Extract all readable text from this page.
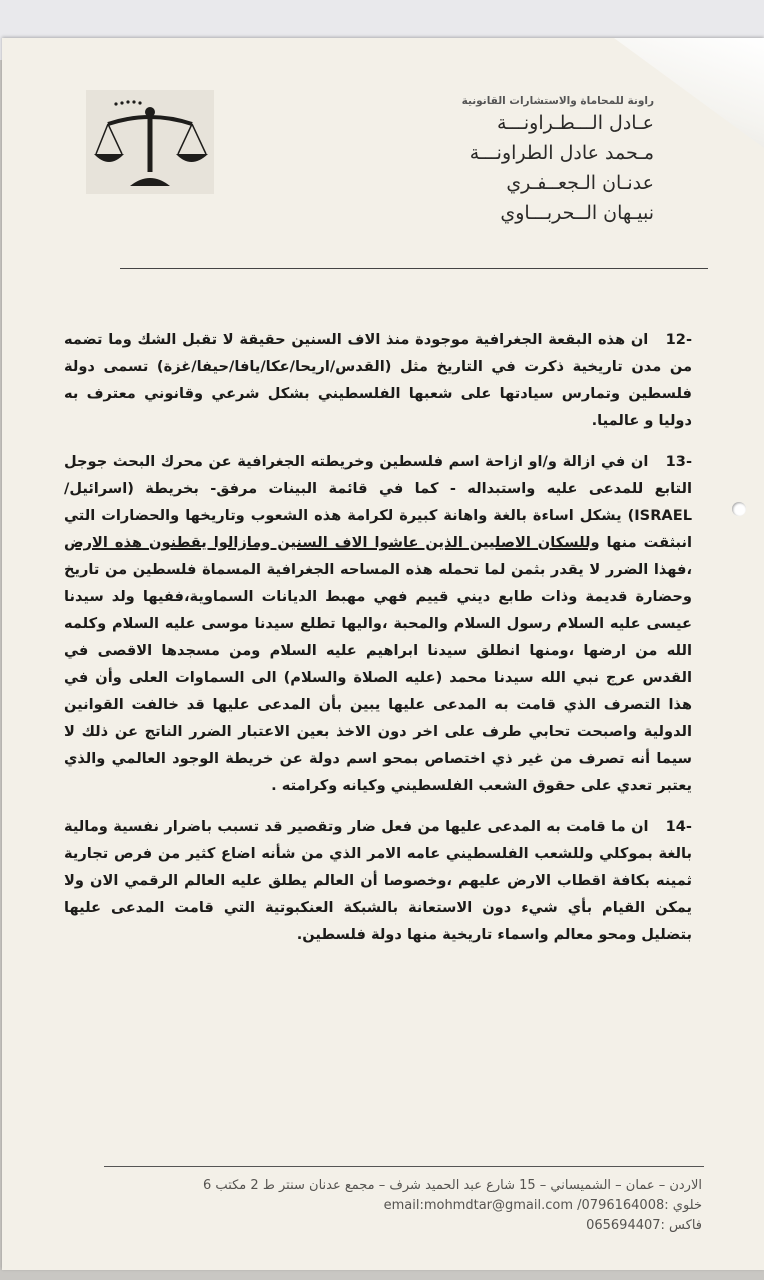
راونة للمحاماة والاستشارات القانونية
عـادل الـــطـراونـــة
مـحمد عادل الطراونـــة
عدنـان الـجعــفـري
نبيـهان الــحربـــاوي

-12 ان هذه البقعة الجغرافية موجودة منذ الاف السنين حقيقة لا تقبل الشك وما تضمه من مدن تاريخية ذكرت في التاريخ مثل (القدس/اريحا/عكا/يافا/حيفا/غزة) تسمى دولة فلسطين وتمارس سيادتها على شعبها الفلسطيني بشكل شرعي وقانوني معترف به دوليا و عالميا.

-13 ان في ازالة و/او ازاحة اسم فلسطين وخريطته الجغرافية عن محرك البحث جوجل التابع للمدعى عليه واستبداله - كما في قائمة البينات مرفق- بخريطة (اسرائيل/ ISRAEL) يشكل اساءة بالغة واهانة كبيرة لكرامة هذه الشعوب وتاريخها والحضارات التي انبثقت منها وللسكان الاصليين الذين عاشوا الاف السنين ومازالوا يقطنون هذه الارض ،فهذا الضرر لا يقدر بثمن لما تحمله هذه المساحه الجغرافية المسماة فلسطين من تاريخ وحضارة قديمة وذات طابع ديني قييم فهي مهبط الديانات السماوية،ففيها ولد سيدنا عيسى عليه السلام رسول السلام والمحبة ،واليها تطلع سيدنا موسى عليه السلام وكلمه الله من ارضها ،ومنها انطلق سيدنا ابراهيم عليه السلام ومن مسجدها الاقصى في القدس عرج نبي الله سيدنا محمد (عليه الصلاة والسلام) الى السماوات العلى وأن في هذا التصرف الذي قامت به المدعى عليها يبين بأن المدعى عليها قد خالفت القوانين الدولية واصبحت تحابي طرف على اخر دون الاخذ بعين الاعتبار الضرر الناتج عن ذلك لا سيما أنه تصرف من غير ذي اختصاص بمحو اسم دولة عن خريطة الوجود العالمي والذي يعتبر تعدي على حقوق الشعب الفلسطيني وكيانه وكرامته .

-14 ان ما قامت به المدعى عليها من فعل ضار وتقصير قد تسبب باضرار نفسية ومالية بالغة بموكلي وللشعب الفلسطيني عامه الامر الذي من شأنه اضاع كثير من فرص تجارية ثمينه بكافة اقطاب الارض عليهم ،وخصوصا أن العالم يطلق عليه العالم الرقمي الان ولا يمكن القيام بأي شيء دون الاستعانة بالشبكة العنكبوتية التي قامت المدعى عليها بتضليل ومحو معالم واسماء تاريخية منها دولة فلسطين.

الاردن – عمان – الشميساني – 15 شارع عبد الحميد شرف – مجمع عدنان سنتر ط 2 مكتب 6
خلوي :0796164008/ email:mohmdtar@gmail.com
فاكس :065694407
